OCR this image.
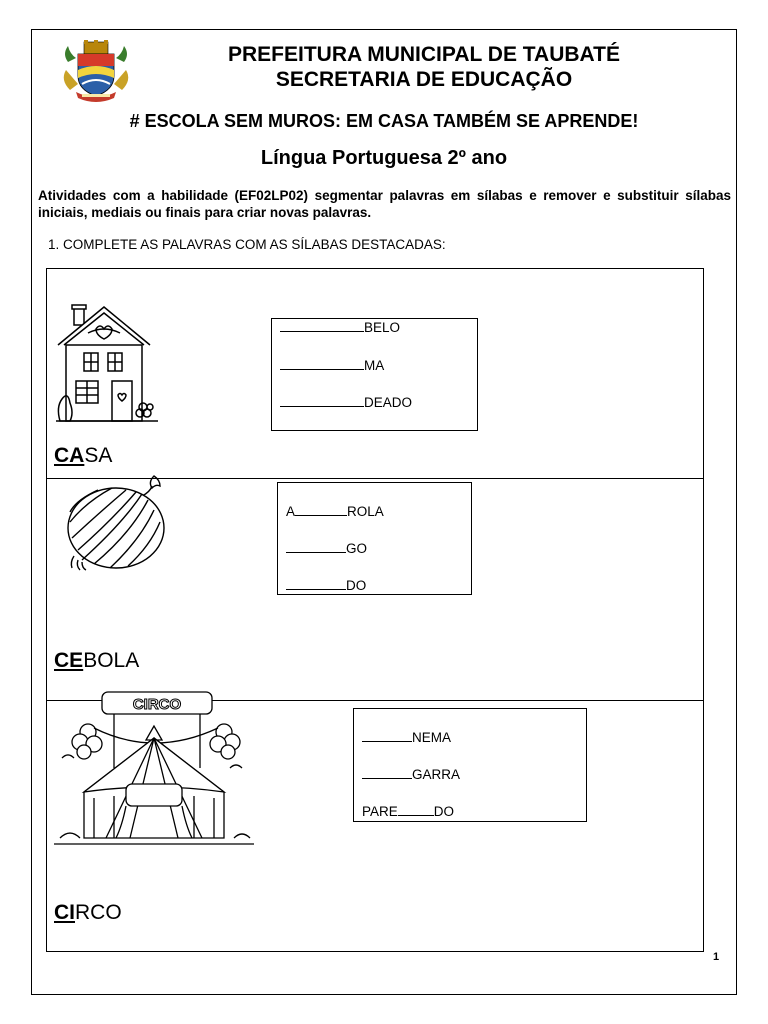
PREFEITURA MUNICIPAL DE TAUBATÉ
SECRETARIA DE EDUCAÇÃO
# ESCOLA SEM MUROS: EM CASA TAMBÉM SE APRENDE!
Língua Portuguesa 2º ano
Atividades com a habilidade (EF02LP02) segmentar palavras em sílabas e remover e substituir sílabas iniciais, mediais ou finais para criar novas palavras.
1. COMPLETE AS PALAVRAS COM AS SÍLABAS DESTACADAS:
BELO
MA
DEADO
CASA
A	ROLA
GO
DO
CEBOLA
CIRCO
NEMA
GARRA
PARE	DO
CIRCO
1
